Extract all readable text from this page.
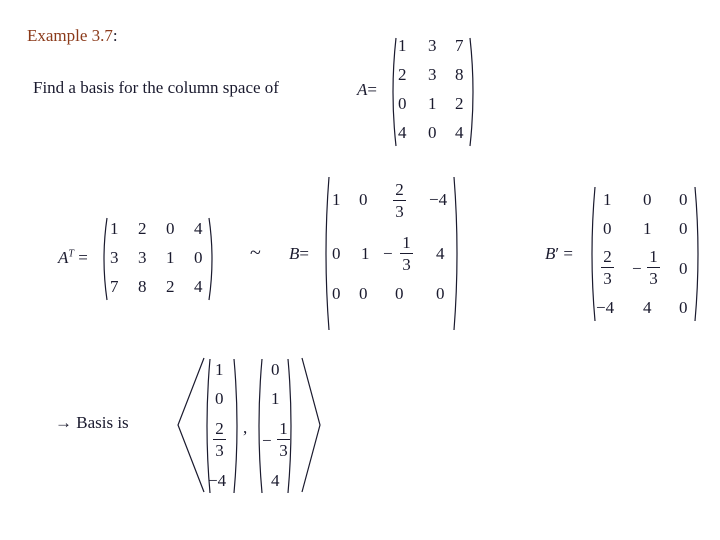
Example 3.7:
Find a basis for the column space of	A=
1 3 7
2 3 8
0 1 2
4 0 4
$A^T$ =
1 2 0 4
3 3 1 0
7 8 2 4
~ B=
1 0
2
3
−4
0 1 −
1
3
4
0 0 0 0
B′ =
1 0 0
0 1 0
2
3
−
1
3
0
−4 4 0
→ Basis is
1
0
2
3
−4
,
0
1
−
1
3
4
